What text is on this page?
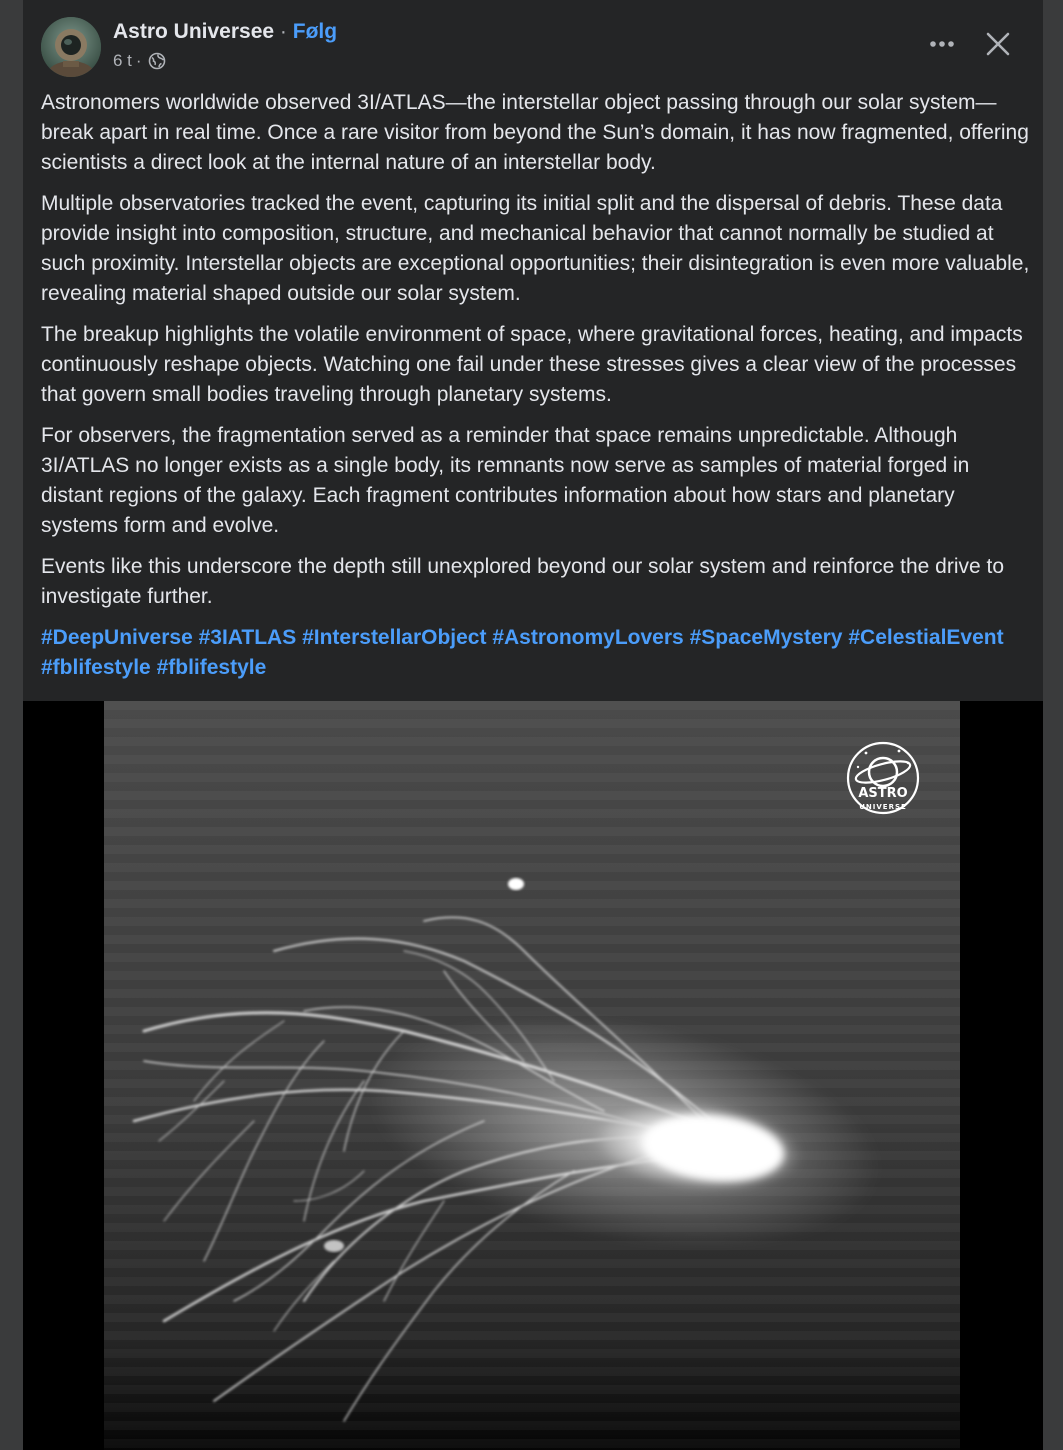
Astro Universee · Følg
6 t ·

Astronomers worldwide observed 3I/ATLAS—the interstellar object passing through our solar system—break apart in real time. Once a rare visitor from beyond the Sun’s domain, it has now fragmented, offering scientists a direct look at the internal nature of an interstellar body.

Multiple observatories tracked the event, capturing its initial split and the dispersal of debris. These data provide insight into composition, structure, and mechanical behavior that cannot normally be studied at such proximity. Interstellar objects are exceptional opportunities; their disintegration is even more valuable, revealing material shaped outside our solar system.

The breakup highlights the volatile environment of space, where gravitational forces, heating, and impacts continuously reshape objects. Watching one fail under these stresses gives a clear view of the processes that govern small bodies traveling through planetary systems.

For observers, the fragmentation served as a reminder that space remains unpredictable. Although 3I/ATLAS no longer exists as a single body, its remnants now serve as samples of material forged in distant regions of the galaxy. Each fragment contributes information about how stars and planetary systems form and evolve.

Events like this underscore the depth still unexplored beyond our solar system and reinforce the drive to investigate further.

#DeepUniverse #3IATLAS #InterstellarObject #AstronomyLovers #SpaceMystery #CelestialEvent #fblifestyle #fblifestyle

ASTRO
UNIVERSE
